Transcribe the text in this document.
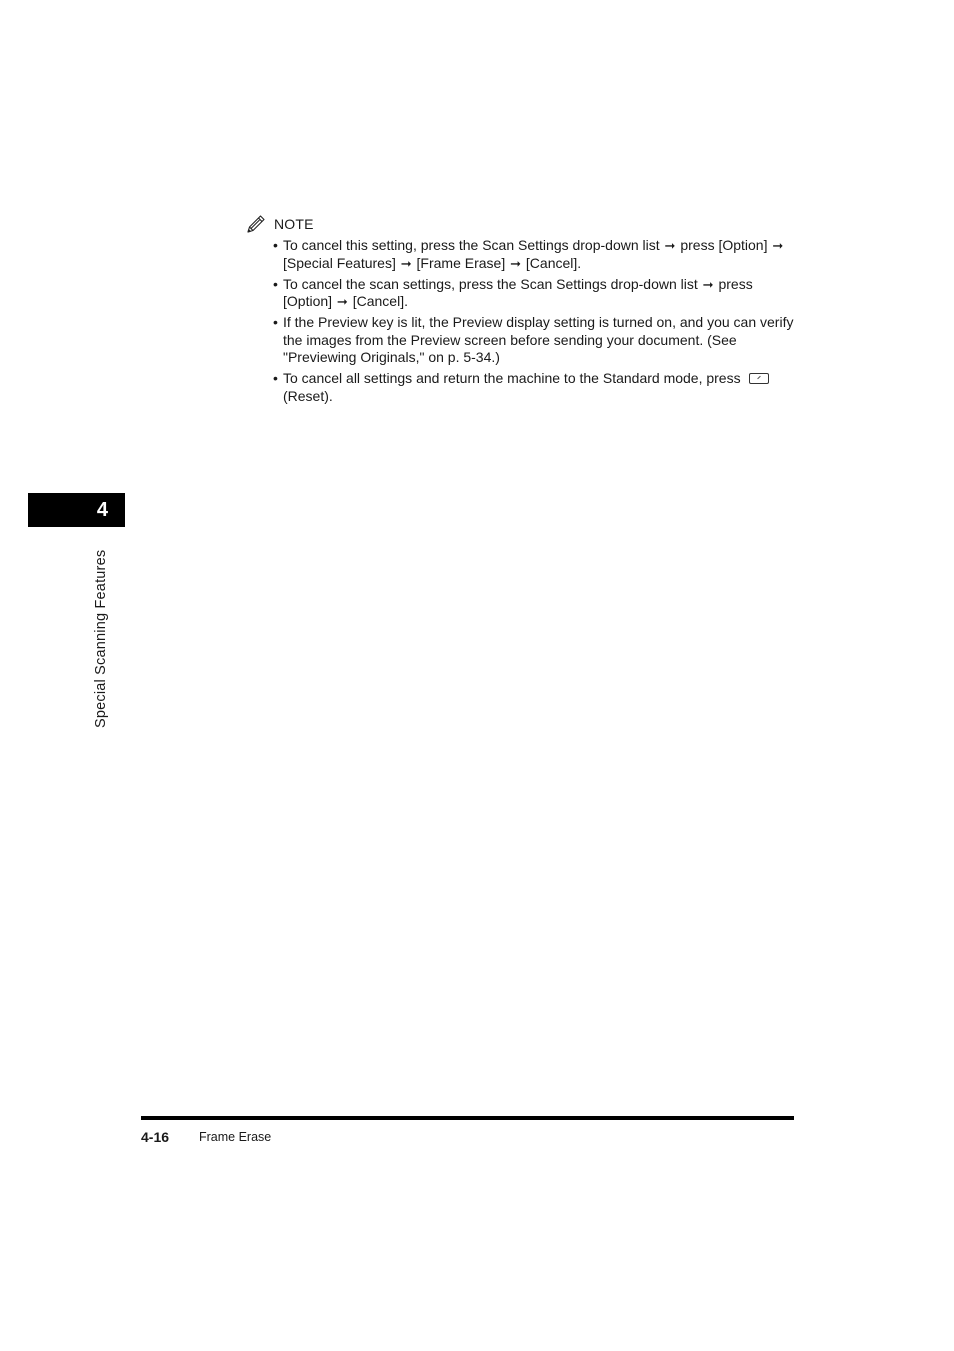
NOTE
• To cancel this setting, press the Scan Settings drop-down list ➞ press [Option] ➞
[Special Features] ➞ [Frame Erase] ➞ [Cancel].
• To cancel the scan settings, press the Scan Settings drop-down list ➞ press
[Option] ➞ [Cancel].
• If the Preview key is lit, the Preview display setting is turned on, and you can verify
the images from the Preview screen before sending your document. (See
"Previewing Originals," on p. 5-34.)
• To cancel all settings and return the machine to the Standard mode, press
(Reset).
4
Special Scanning Features
4-16 Frame Erase
